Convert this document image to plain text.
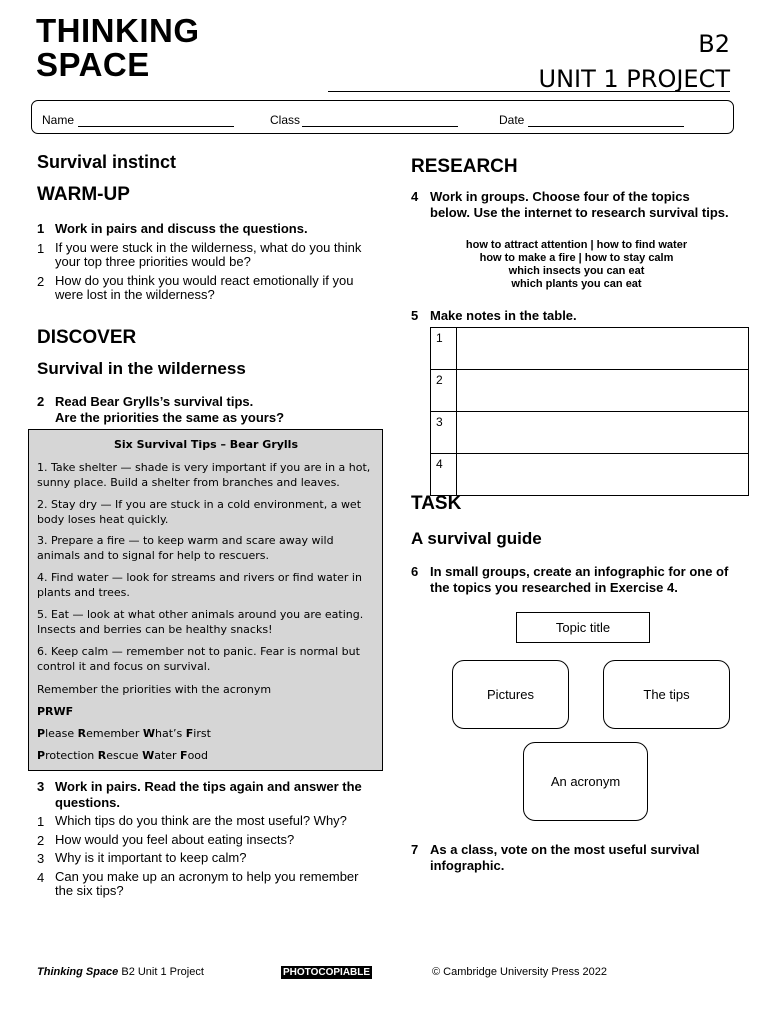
THINKING
SPACE
B2
UNIT 1 PROJECT
Name	Class	Date
Survival instinct
WARM-UP
1 Work in pairs and discuss the questions.
1 If you were stuck in the wilderness, what do you think your top three priorities would be?
2 How do you think you would react emotionally if you were lost in the wilderness?
DISCOVER
Survival in the wilderness
2 Read Bear Grylls’s survival tips.
Are the priorities the same as yours?
Six Survival Tips – Bear Grylls
1. Take shelter — shade is very important if you are in a hot, sunny place. Build a shelter from branches and leaves.
2. Stay dry — If you are stuck in a cold environment, a wet body loses heat quickly.
3. Prepare a fire — to keep warm and scare away wild animals and to signal for help to rescuers.
4. Find water — look for streams and rivers or find water in plants and trees.
5. Eat — look at what other animals around you are eating. Insects and berries can be healthy snacks!
6. Keep calm — remember not to panic. Fear is normal but control it and focus on survival.
Remember the priorities with the acronym
PRWF
Please Remember What’s First
Protection Rescue Water Food
3 Work in pairs. Read the tips again and answer the questions.
1 Which tips do you think are the most useful? Why?
2 How would you feel about eating insects?
3 Why is it important to keep calm?
4 Can you make up an acronym to help you remember the six tips?
RESEARCH
4 Work in groups. Choose four of the topics below. Use the internet to research survival tips.
how to attract attention | how to find water
how to make a fire | how to stay calm
which insects you can eat
which plants you can eat
5 Make notes in the table.
1	
2	
3	
4	
TASK
A survival guide
6 In small groups, create an infographic for one of the topics you researched in Exercise 4.
Topic title
Pictures	The tips
An acronym
7 As a class, vote on the most useful survival infographic.
Thinking Space B2 Unit 1 Project	PHOTOCOPIABLE	© Cambridge University Press 2022
